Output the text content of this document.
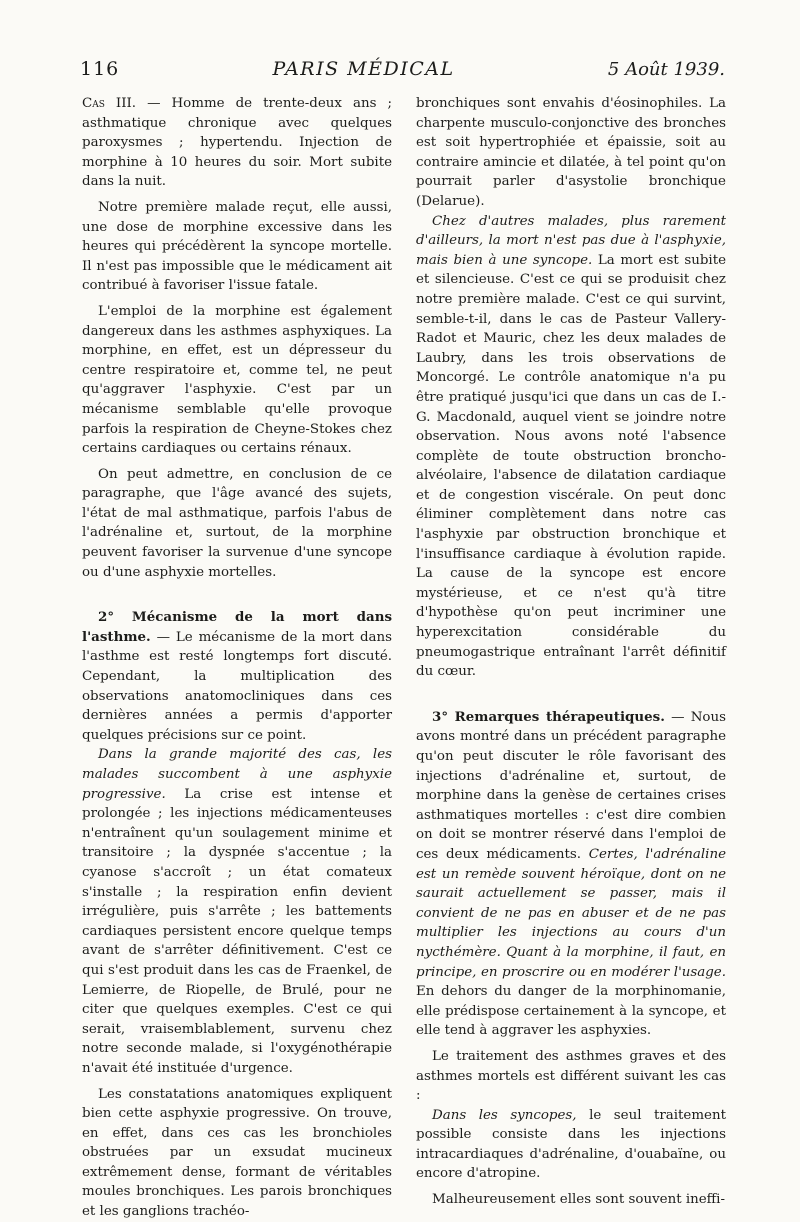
116	PARIS MÉDICAL	5 Août 1939.

Cas III. — Homme de trente-deux ans ; asthmatique chronique avec quelques paroxysmes ; hypertendu. Injection de morphine à 10 heures du soir. Mort subite dans la nuit.

Notre première malade reçut, elle aussi, une dose de morphine excessive dans les heures qui précédèrent la syncope mortelle. Il n'est pas impossible que le médicament ait contribué à favoriser l'issue fatale.

L'emploi de la morphine est également dangereux dans les asthmes asphyxiques. La morphine, en effet, est un dépresseur du centre respiratoire et, comme tel, ne peut qu'aggraver l'asphyxie. C'est par un mécanisme semblable qu'elle provoque parfois la respiration de Cheyne-Stokes chez certains cardiaques ou certains rénaux.

On peut admettre, en conclusion de ce paragraphe, que l'âge avancé des sujets, l'état de mal asthmatique, parfois l'abus de l'adrénaline et, surtout, de la morphine peuvent favoriser la survenue d'une syncope ou d'une asphyxie mortelles.

2° Mécanisme de la mort dans l'asthme. — Le mécanisme de la mort dans l'asthme est resté longtemps fort discuté. Cependant, la multiplication des observations anatomocliniques dans ces dernières années a permis d'apporter quelques précisions sur ce point.

Dans la grande majorité des cas, les malades succombent à une asphyxie progressive. La crise est intense et prolongée ; les injections médicamenteuses n'entraînent qu'un soulagement minime et transitoire ; la dyspnée s'accentue ; la cyanose s'accroît ; un état comateux s'installe ; la respiration enfin devient irrégulière, puis s'arrête ; les battements cardiaques persistent encore quelque temps avant de s'arrêter définitivement. C'est ce qui s'est produit dans les cas de Fraenkel, de Lemierre, de Riopelle, de Brulé, pour ne citer que quelques exemples. C'est ce qui serait, vraisemblablement, survenu chez notre seconde malade, si l'oxygénothérapie n'avait été instituée d'urgence.

Les constatations anatomiques expliquent bien cette asphyxie progressive. On trouve, en effet, dans ces cas les bronchioles obstruées par un exsudat mucineux extrêmement dense, formant de véritables moules bronchiques. Les parois bronchiques et les ganglions trachéo-

bronchiques sont envahis d'éosinophiles. La charpente musculo-conjonctive des bronches est soit hypertrophiée et épaissie, soit au contraire amincie et dilatée, à tel point qu'on pourrait parler d'asystolie bronchique (Delarue).

Chez d'autres malades, plus rarement d'ailleurs, la mort n'est pas due à l'asphyxie, mais bien à une syncope. La mort est subite et silencieuse. C'est ce qui se produisit chez notre première malade. C'est ce qui survint, semble-t-il, dans le cas de Pasteur Vallery-Radot et Mauric, chez les deux malades de Laubry, dans les trois observations de Moncorgé. Le contrôle anatomique n'a pu être pratiqué jusqu'ici que dans un cas de I.-G. Macdonald, auquel vient se joindre notre observation. Nous avons noté l'absence complète de toute obstruction broncho-alvéolaire, l'absence de dilatation cardiaque et de congestion viscérale. On peut donc éliminer complètement dans notre cas l'asphyxie par obstruction bronchique et l'insuffisance cardiaque à évolution rapide. La cause de la syncope est encore mystérieuse, et ce n'est qu'à titre d'hypothèse qu'on peut incriminer une hyperexcitation considérable du pneumogastrique entraînant l'arrêt définitif du cœur.

3° Remarques thérapeutiques. — Nous avons montré dans un précédent paragraphe qu'on peut discuter le rôle favorisant des injections d'adrénaline et, surtout, de morphine dans la genèse de certaines crises asthmatiques mortelles : c'est dire combien on doit se montrer réservé dans l'emploi de ces deux médicaments. Certes, l'adrénaline est un remède souvent héroïque, dont on ne saurait actuellement se passer, mais il convient de ne pas en abuser et de ne pas multiplier les injections au cours d'un nycthémère. Quant à la morphine, il faut, en principe, en proscrire ou en modérer l'usage. En dehors du danger de la morphinomanie, elle prédispose certainement à la syncope, et elle tend à aggraver les asphyxies.

Le traitement des asthmes graves et des asthmes mortels est différent suivant les cas :

Dans les syncopes, le seul traitement possible consiste dans les injections intracardiaques d'adrénaline, d'ouabaïne, ou encore d'atropine.

Malheureusement elles sont souvent ineffi-
